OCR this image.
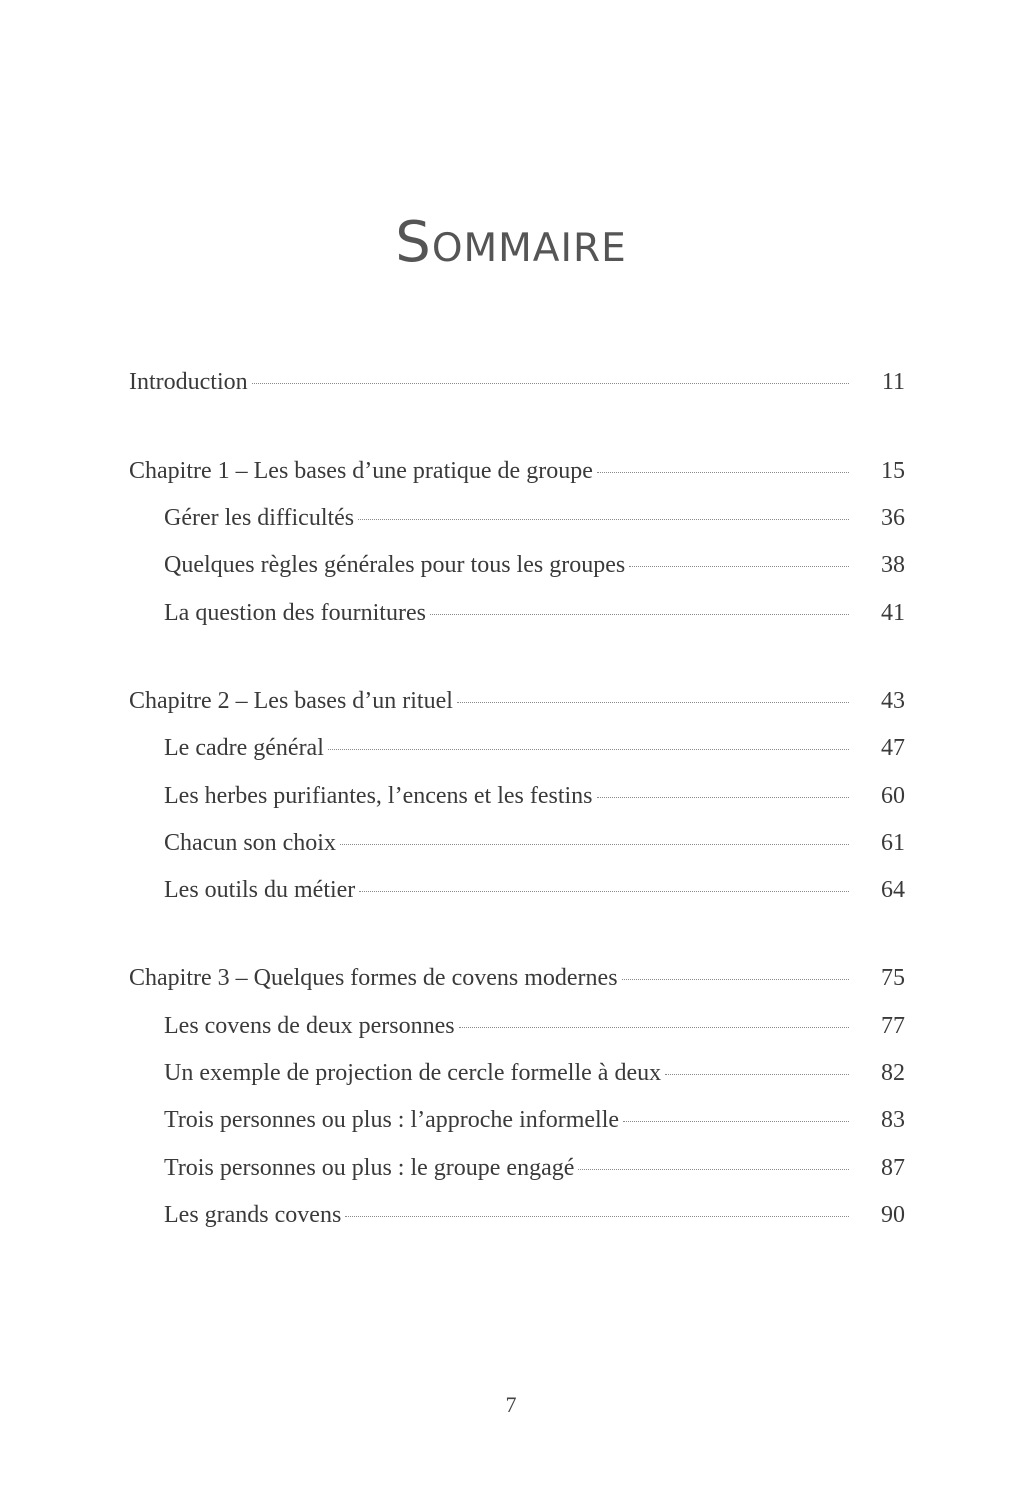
Sommaire
Introduction	11
Chapitre 1 – Les bases d’une pratique de groupe	15
Gérer les difficultés	36
Quelques règles générales pour tous les groupes	38
La question des fournitures	41
Chapitre 2 – Les bases d’un rituel	43
Le cadre général	47
Les herbes purifiantes, l’encens et les festins	60
Chacun son choix	61
Les outils du métier	64
Chapitre 3 – Quelques formes de covens modernes	75
Les covens de deux personnes	77
Un exemple de projection de cercle formelle à deux	82
Trois personnes ou plus : l’approche informelle	83
Trois personnes ou plus : le groupe engagé	87
Les grands covens	90
7
